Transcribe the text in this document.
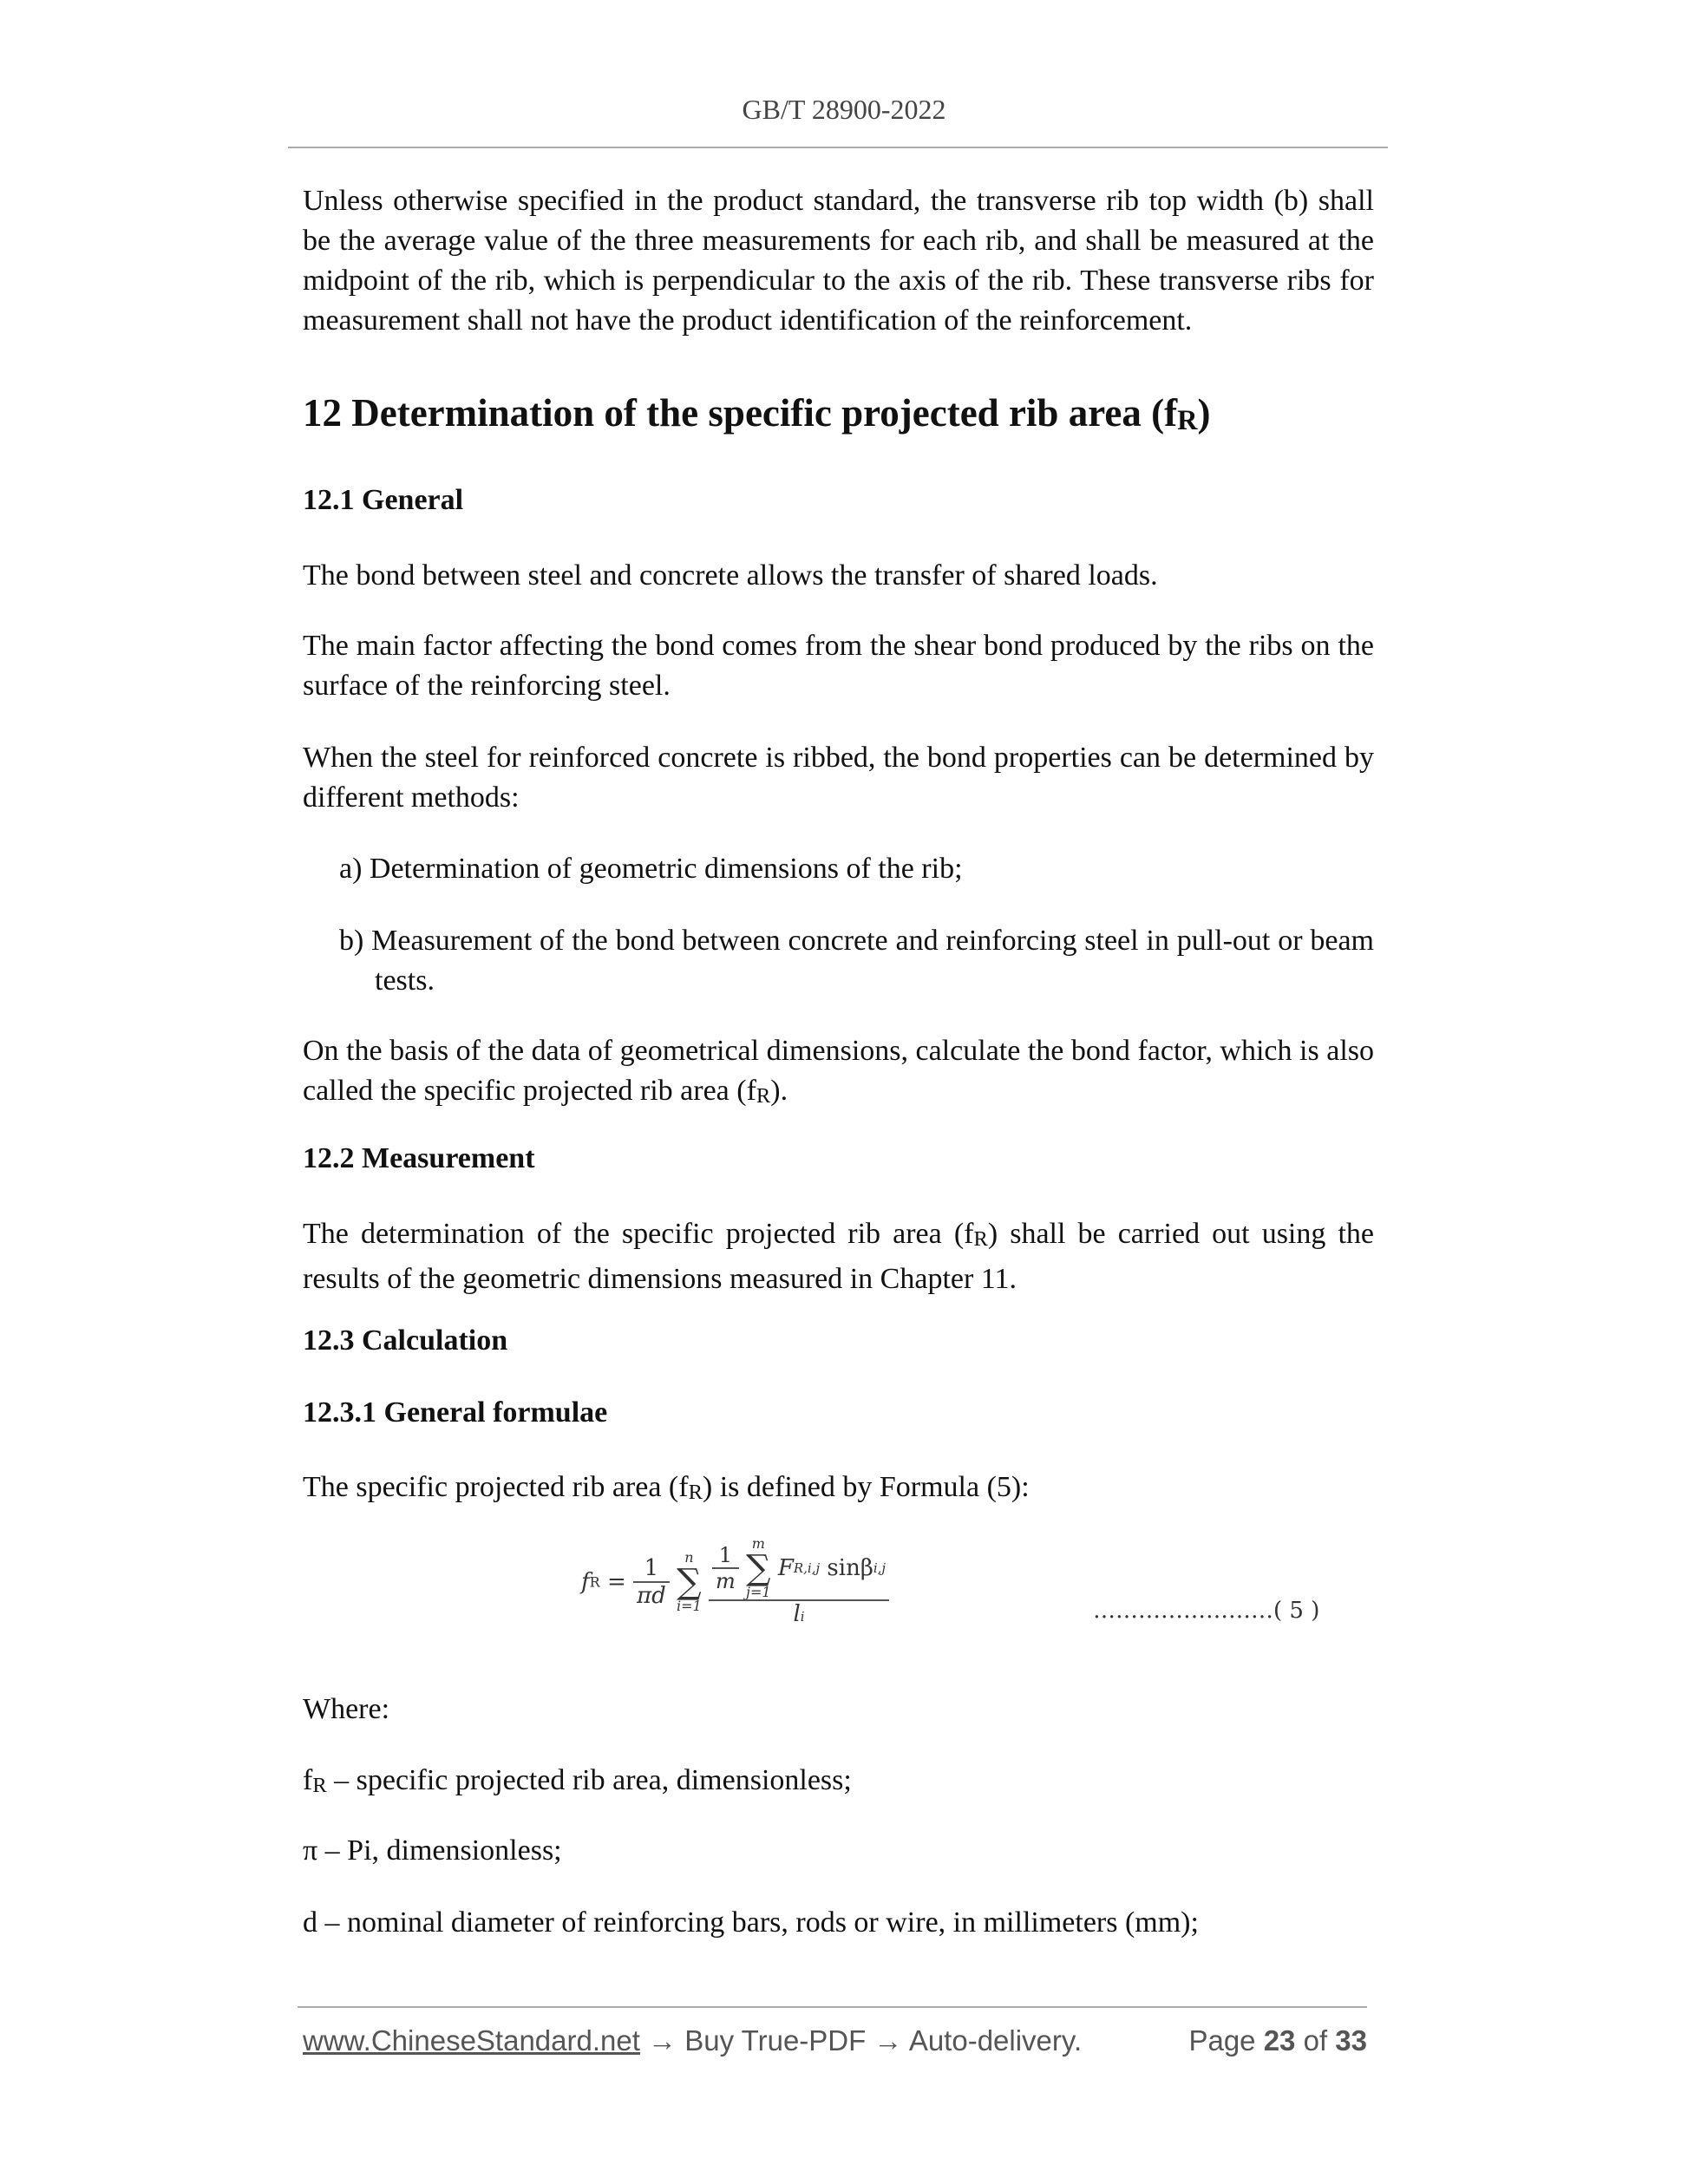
GB/T 28900-2022
Unless otherwise specified in the product standard, the transverse rib top width (b) shall be the average value of the three measurements for each rib, and shall be measured at the midpoint of the rib, which is perpendicular to the axis of the rib. These transverse ribs for measurement shall not have the product identification of the reinforcement.
12 Determination of the specific projected rib area (fR)
12.1 General
The bond between steel and concrete allows the transfer of shared loads.
The main factor affecting the bond comes from the shear bond produced by the ribs on the surface of the reinforcing steel.
When the steel for reinforced concrete is ribbed, the bond properties can be determined by different methods:
a) Determination of geometric dimensions of the rib;
b) Measurement of the bond between concrete and reinforcing steel in pull-out or beam tests.
On the basis of the data of geometrical dimensions, calculate the bond factor, which is also called the specific projected rib area (fR).
12.2 Measurement
The determination of the specific projected rib area (fR) shall be carried out using the results of the geometric dimensions measured in Chapter 11.
12.3 Calculation
12.3.1 General formulae
The specific projected rib area (fR) is defined by Formula (5):
fR = $\frac{1}{\pi d}$ n
∑
$i=1 \frac{1}{m}$ m
∑
j=1 FR,i,j sinβi,j
li	……………………( 5 )
Where:
fR – specific projected rib area, dimensionless;
π – Pi, dimensionless;
d – nominal diameter of reinforcing bars, rods or wire, in millimeters (mm);
www.ChineseStandard.net → Buy True-PDF → Auto-delivery.	Page 23 of 33
